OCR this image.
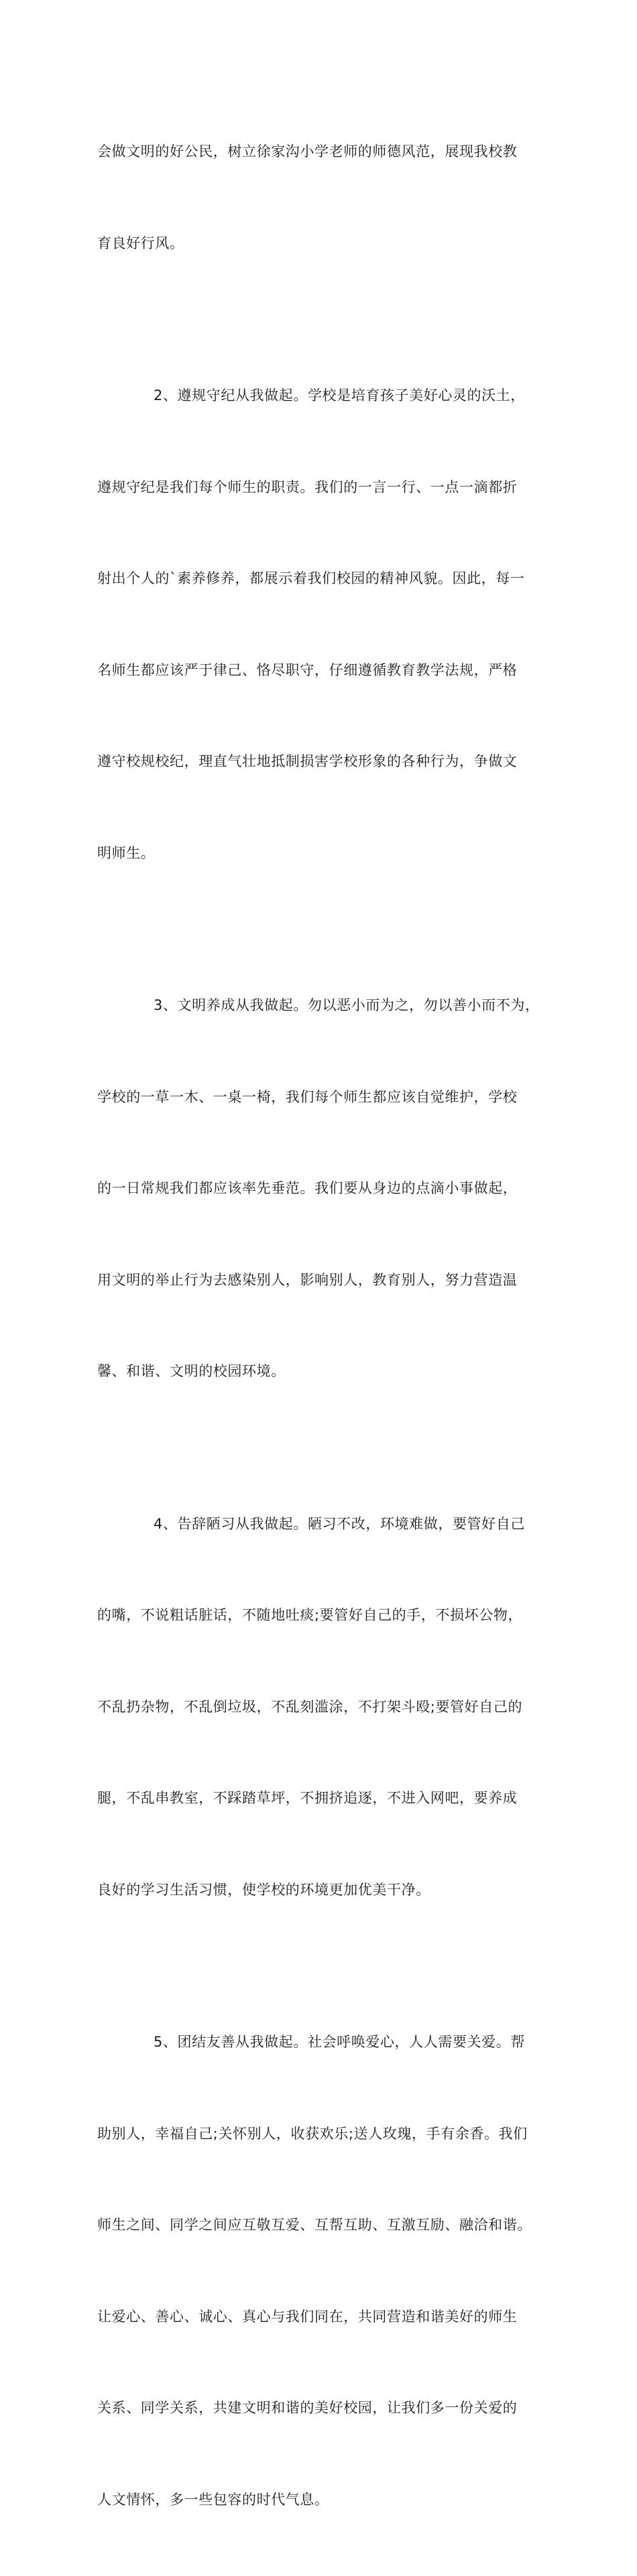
会做文明的好公民，树立徐家沟小学老师的师德风范，展现我校教

育良好行风。

2、遵规守纪从我做起。学校是培育孩子美好心灵的沃土，

遵规守纪是我们每个师生的职责。我们的一言一行、一点一滴都折

射出个人的`素养修养，都展示着我们校园的精神风貌。因此，每一

名师生都应该严于律己、恪尽职守，仔细遵循教育教学法规，严格

遵守校规校纪，理直气壮地抵制损害学校形象的各种行为，争做文

明师生。

3、文明养成从我做起。勿以恶小而为之，勿以善小而不为，

学校的一草一木、一桌一椅，我们每个师生都应该自觉维护，学校

的一日常规我们都应该率先垂范。我们要从身边的点滴小事做起，

用文明的举止行为去感染别人，影响别人，教育别人，努力营造温

馨、和谐、文明的校园环境。

4、告辞陋习从我做起。陋习不改，环境难做，要管好自己

的嘴，不说粗话脏话，不随地吐痰;要管好自己的手，不损坏公物，

不乱扔杂物，不乱倒垃圾，不乱刻滥涂，不打架斗殴;要管好自己的

腿，不乱串教室，不踩踏草坪，不拥挤追逐，不进入网吧，要养成

良好的学习生活习惯，使学校的环境更加优美干净。

5、团结友善从我做起。社会呼唤爱心，人人需要关爱。帮

助别人，幸福自己;关怀别人，收获欢乐;送人玫瑰，手有余香。我们

师生之间、同学之间应互敬互爱、互帮互助、互激互励、融洽和谐。

让爱心、善心、诚心、真心与我们同在，共同营造和谐美好的师生

关系、同学关系，共建文明和谐的美好校园，让我们多一份关爱的

人文情怀，多一些包容的时代气息。
